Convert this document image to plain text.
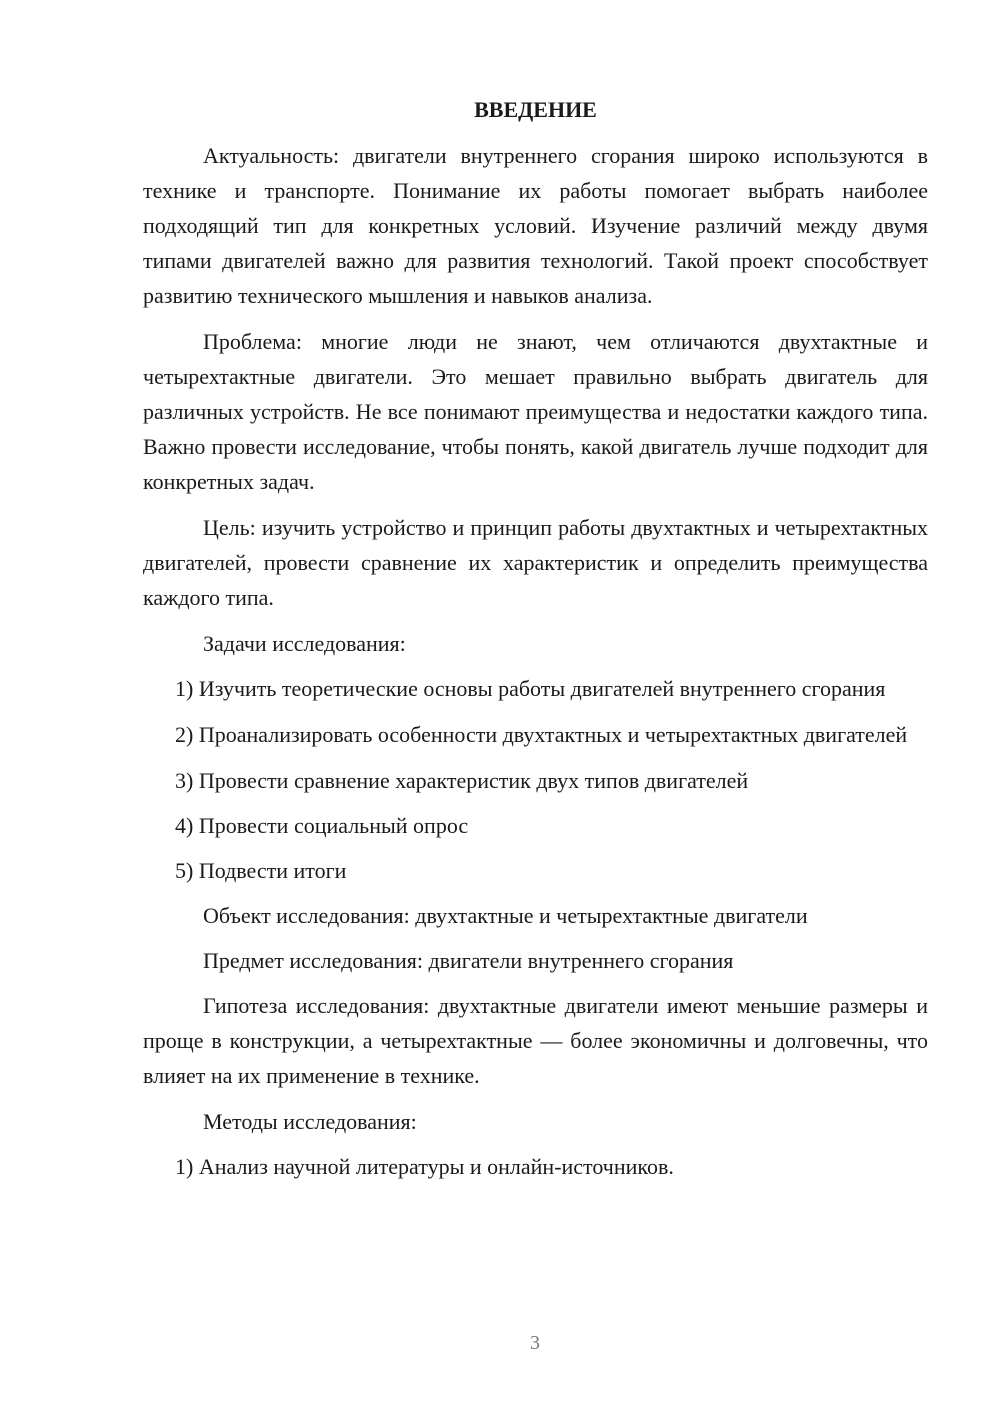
ВВЕДЕНИЕ

Актуальность: двигатели внутреннего сгорания широко используются в технике и транспорте. Понимание их работы помогает выбрать наиболее подходящий тип для конкретных условий. Изучение различий между двумя типами двигателей важно для развития технологий. Такой проект способствует развитию технического мышления и навыков анализа.

Проблема: многие люди не знают, чем отличаются двухтактные и четырехтактные двигатели. Это мешает правильно выбрать двигатель для различных устройств. Не все понимают преимущества и недостатки каждого типа. Важно провести исследование, чтобы понять, какой двигатель лучше подходит для конкретных задач.

Цель: изучить устройство и принцип работы двухтактных и четырехтактных двигателей, провести сравнение их характеристик и определить преимущества каждого типа.

Задачи исследования:

1) Изучить теоретические основы работы двигателей внутреннего сгорания

2) Проанализировать особенности двухтактных и четырехтактных двигателей

3) Провести сравнение характеристик двух типов двигателей

4) Провести социальный опрос

5) Подвести итоги

Объект исследования: двухтактные и четырехтактные двигатели

Предмет исследования: двигатели внутреннего сгорания

Гипотеза исследования: двухтактные двигатели имеют меньшие размеры и проще в конструкции, а четырехтактные — более экономичны и долговечны, что влияет на их применение в технике.

Методы исследования:

1) Анализ научной литературы и онлайн-источников.

3
